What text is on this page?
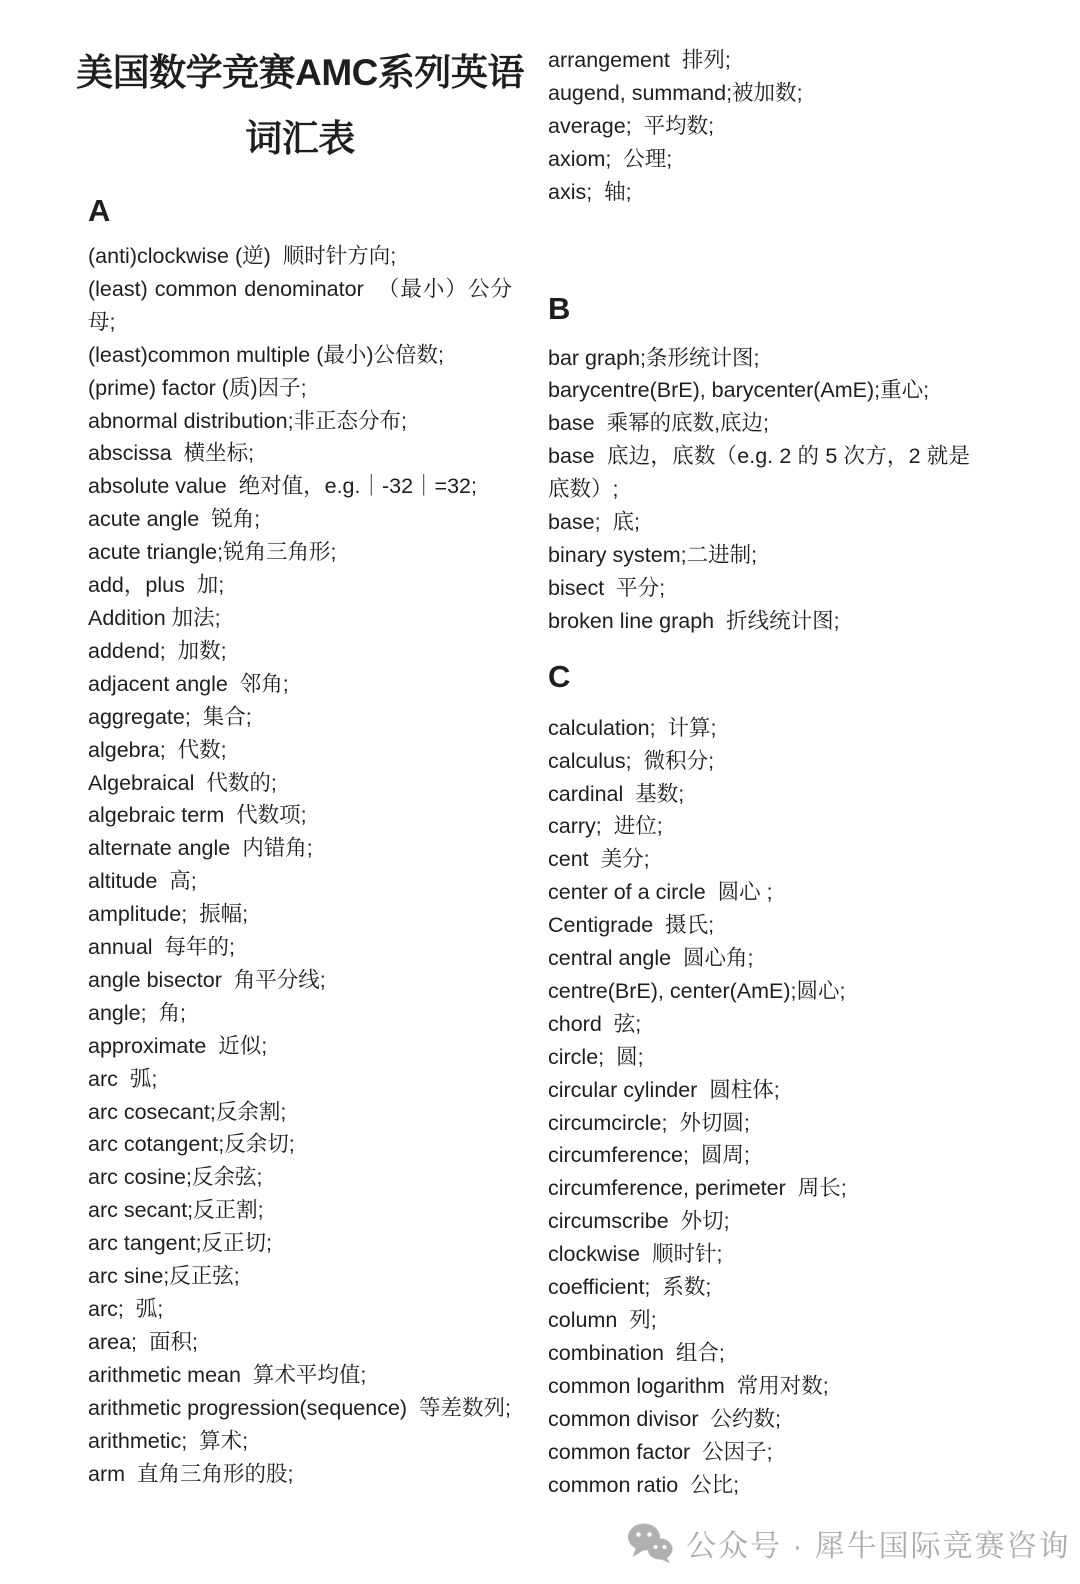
美国数学竞赛AMC系列英语
词汇表
A

(anti)clockwise (逆)  顺时针方向;

(least) common denominator  （最小）公分母;

(least)common multiple (最小)公倍数;

(prime) factor (质)因子;

abnormal distribution;非正态分布;

abscissa  横坐标;

absolute value  绝对值，e.g.｜-32｜=32;

acute angle  锐角;

acute triangle;锐角三角形;

add，plus  加;

Addition 加法;

addend;  加数;

adjacent angle  邻角;

aggregate;  集合;

algebra;  代数;

Algebraical  代数的;

algebraic term  代数项;

alternate angle  内错角;

altitude  高;

amplitude;  振幅;

annual  每年的;

angle bisector  角平分线;

angle;  角;

approximate  近似;

arc  弧;

arc cosecant;反余割;

arc cotangent;反余切;

arc cosine;反余弦;

arc secant;反正割;

arc tangent;反正切;

arc sine;反正弦;

arc;  弧;

area;  面积;

arithmetic mean  算术平均值;

arithmetic progression(sequence)  等差数列;

arithmetic;  算术;

arm  直角三角形的股;

arrangement  排列;

augend, summand;被加数;

average;  平均数;

axiom;  公理;

axis;  轴;

B

bar graph;条形统计图;

barycentre(BrE), barycenter(AmE);重心;

base  乘幂的底数,底边;

base  底边，底数（e.g. 2 的 5 次方，2 就是底数）;

base;  底;

binary system;二进制;

bisect  平分;

broken line graph  折线统计图;

C

calculation;  计算;

calculus;  微积分;

cardinal  基数;

carry;  进位;

cent  美分;

center of a circle  圆心 ;

Centigrade  摄氏;

central angle  圆心角;

centre(BrE), center(AmE);圆心;

chord  弦;

circle;  圆;

circular cylinder  圆柱体;

circumcircle;  外切圆;

circumference;  圆周;

circumference, perimeter  周长;

circumscribe  外切;

clockwise  顺时针;

coefficient;  系数;

column  列;

combination  组合;

common logarithm  常用对数;

common divisor  公约数;

common factor  公因子;

common ratio  公比;

公众号 · 犀牛国际竞赛咨询
